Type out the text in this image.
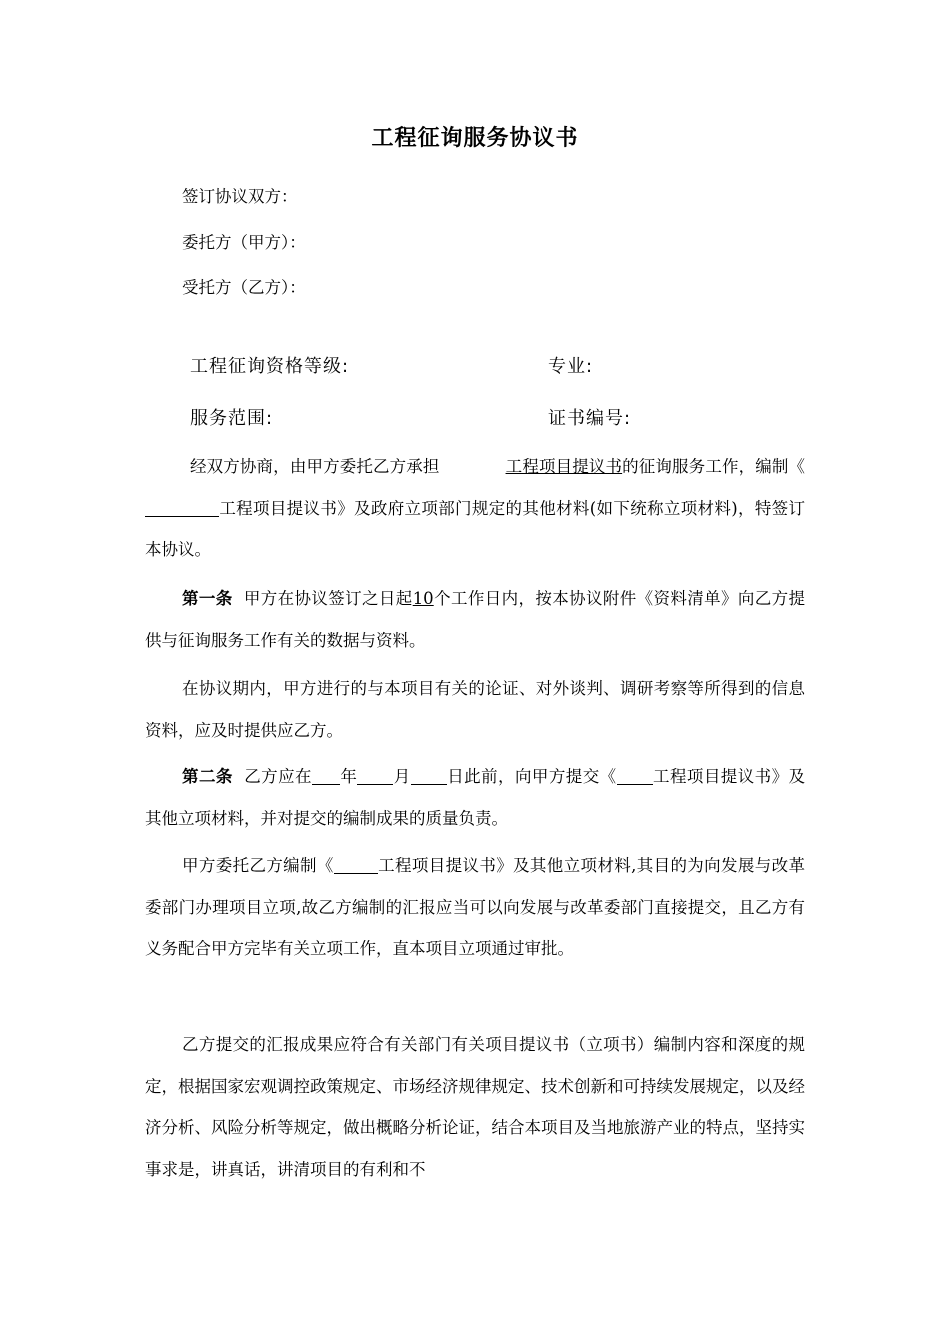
工程征询服务协议书
签订协议双方：
委托方（甲方）：
受托方（乙方）：
工程征询资格等级:	专业:
服务范围:	证书编号:

经双方协商，由甲方委托乙方承担	工程项目提议书的征询服务工作，编制《工程项目提议书》及政府立项部门规定的其他材料(如下统称立项材料)，特签订本协议。

第一条 甲方在协议签订之日起10个工作日内，按本协议附件《资料清单》向乙方提供与征询服务工作有关的数据与资料。

在协议期内，甲方进行的与本项目有关的论证、对外谈判、调研考察等所得到的信息资料，应及时提供应乙方。

第二条 乙方应在 年 月 日此前，向甲方提交《 工程项目提议书》及其他立项材料，并对提交的编制成果的质量负责。

甲方委托乙方编制《	工程项目提议书》及其他立项材料,其目的为向发展与改革委部门办理项目立项,故乙方编制的汇报应当可以向发展与改革委部门直接提交，且乙方有义务配合甲方完毕有关立项工作，直本项目立项通过审批。

乙方提交的汇报成果应符合有关部门有关项目提议书（立项书）编制内容和深度的规定，根据国家宏观调控政策规定、市场经济规律规定、技术创新和可持续发展规定，以及经济分析、风险分析等规定，做出概略分析论证，结合本项目及当地旅游产业的特点，坚持实事求是，讲真话，讲清项目的有利和不
